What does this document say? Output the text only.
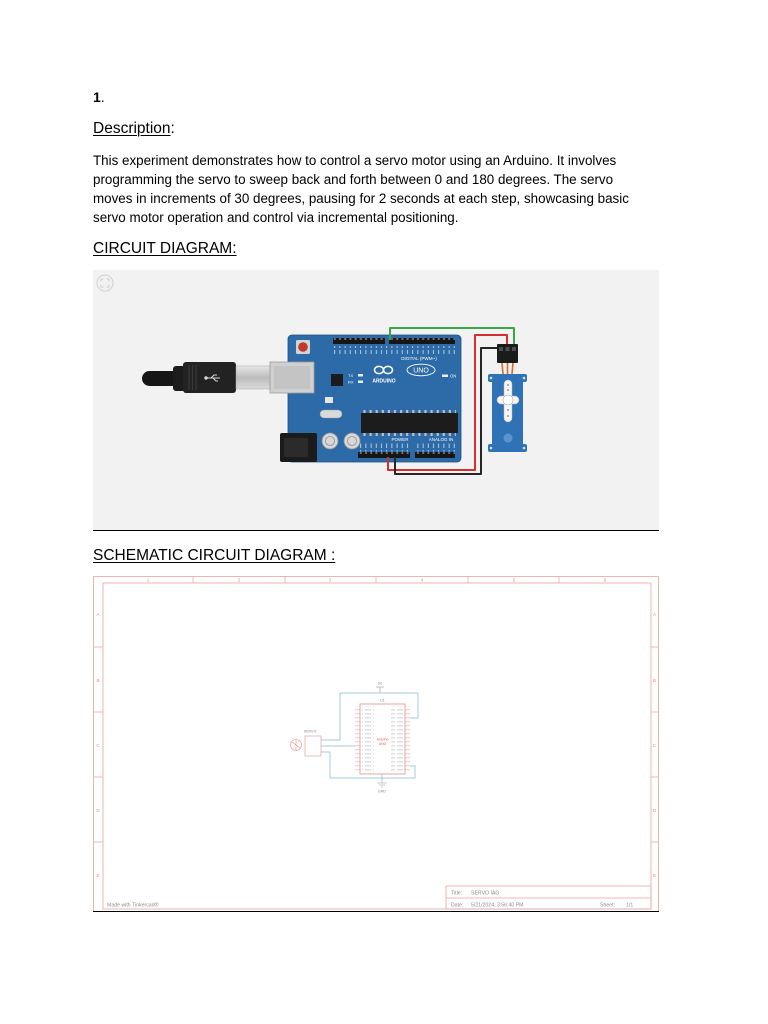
1.
Description:
This experiment demonstrates how to control a servo motor using an Arduino. It involves
programming the servo to sweep back and forth between 0 and 180 degrees. The servo
moves in increments of 30 degrees, pausing for 2 seconds at each step, showcasing basic
servo motor operation and control via incremental positioning.
CIRCUIT DIAGRAM:
DIGITAL (PWM~)
TX
RX
UNO
ARDUINO
ON
POWER	ANALOG IN
SCHEMATIC CIRCUIT DIAGRAM :
1	2	3	4	5	6
A
B
C
D
E
A
B
C
D
E
5V
GND
U1
Arduino
UNO
SERVO
Title: SERVO IAG
Date: 5/21/2024, 3:56:40 PM	Sheet: 1/1
Made with Tinkercad®
